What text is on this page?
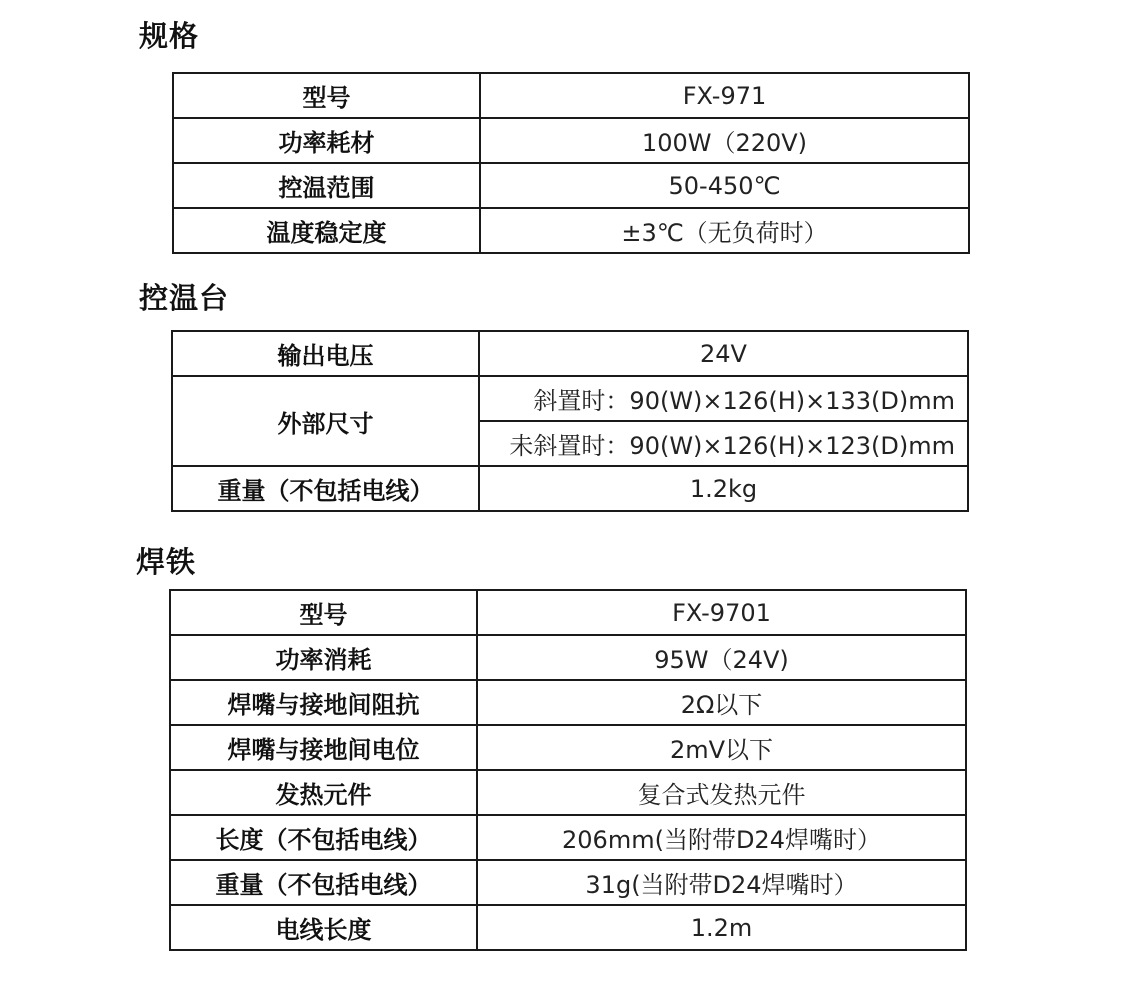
规格
型号	FX-971
功率耗材	100W（220V)
控温范围	50-450℃
温度稳定度	±3℃（无负荷时）
控温台
输出电压	24V
外部尺寸	斜置时：90(W)×126(H)×133(D)mm
	未斜置时：90(W)×126(H)×123(D)mm
重量（不包括电线）	1.2kg
焊铁
型号	FX-9701
功率消耗	95W（24V)
焊嘴与接地间阻抗	2Ω以下
焊嘴与接地间电位	2mV以下
发热元件	复合式发热元件
长度（不包括电线）	206mm(当附带D24焊嘴时）
重量（不包括电线）	31g(当附带D24焊嘴时）
电线长度	1.2m
